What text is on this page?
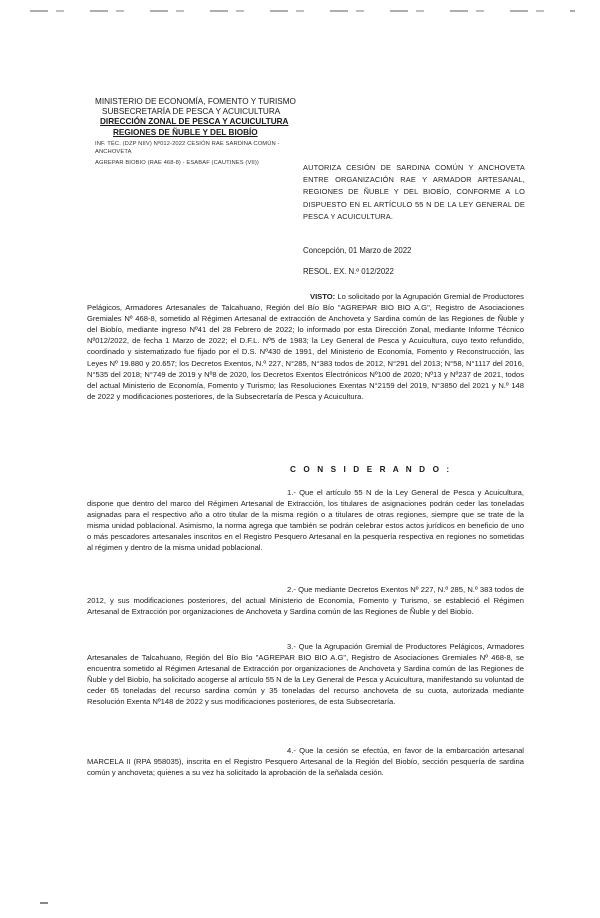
MINISTERIO DE ECONOMÍA, FOMENTO Y TURISMO
SUBSECRETARÍA DE PESCA Y ACUICULTURA
DIRECCIÓN ZONAL DE PESCA Y ACUICULTURA
REGIONES DE ÑUBLE Y DEL BIOBÍO
INF. TÉC. (DZP NIIV) Nº012-2022 CESIÓN RAE SARDINA COMÚN - ANCHOVETA
AGREPAR BIOBIO (RAE 468-8) - ESABAF (CAUTINES (VII))
AUTORIZA CESIÓN DE SARDINA COMÚN Y ANCHOVETA ENTRE ORGANIZACIÓN RAE Y ARMADOR ARTESANAL, REGIONES DE ÑUBLE Y DEL BIOBÍO, CONFORME A LO DISPUESTO EN EL ARTÍCULO 55 N DE LA LEY GENERAL DE PESCA Y ACUICULTURA.
Concepción, 01 Marzo de 2022
RESOL. EX. N.º 012/2022
VISTO: Lo solicitado por la Agrupación Gremial de Productores Pelágicos, Armadores Artesanales de Talcahuano, Región del Bío Bío "AGREPAR BIO BIO A.G", Registro de Asociaciones Gremiales Nº 468-8, sometido al Régimen Artesanal de extracción de Anchoveta y Sardina común de las Regiones de Ñuble y del Biobío, mediante ingreso Nº41 del 28 Febrero de 2022; lo informado por esta Dirección Zonal, mediante Informe Técnico Nº012/2022, de fecha 1 Marzo de 2022; el D.F.L. Nº5 de 1983; la Ley General de Pesca y Acuicultura, cuyo texto refundido, coordinado y sistematizado fue fijado por el D.S. Nº430 de 1991, del Ministerio de Economía, Fomento y Reconstrucción, las Leyes Nº 19.880 y 20.657; los Decretos Exentos, N.º 227, N°285, N°383 todos de 2012, N°291 del 2013; N°58, N°1117 del 2016, N°535 del 2018; N°749 de 2019 y Nº8 de 2020, los Decretos Exentos Electrónicos Nº100 de 2020; Nº13 y Nº237 de 2021, todos del actual Ministerio de Economía, Fomento y Turismo; las Resoluciones Exentas N°2159 del 2019, N°3850 del 2021 y N.º 148 de 2022 y modificaciones posteriores, de la Subsecretaría de Pesca y Acuicultura.
C O N S I D E R A N D O :
1.- Que el artículo 55 N de la Ley General de Pesca y Acuicultura, dispone que dentro del marco del Régimen Artesanal de Extracción, los titulares de asignaciones podrán ceder las toneladas asignadas para el respectivo año a otro titular de la misma región o a titulares de otras regiones, siempre que se trate de la misma unidad poblacional. Asimismo, la norma agrega que también se podrán celebrar estos actos jurídicos en beneficio de uno o más pescadores artesanales inscritos en el Registro Pesquero Artesanal en la pesquería respectiva en regiones no sometidas al régimen y dentro de la misma unidad poblacional.
2.- Que mediante Decretos Exentos Nº 227, N.º 285, N.º 383 todos de 2012, y sus modificaciones posteriores, del actual Ministerio de Economía, Fomento y Turismo, se estableció el Régimen Artesanal de Extracción por organizaciones de Anchoveta y Sardina común de las Regiones de Ñuble y del Biobío.
3.- Que la Agrupación Gremial de Productores Pelágicos, Armadores Artesanales de Talcahuano, Región del Bío Bío "AGREPAR BIO BIO A.G", Registro de Asociaciones Gremiales Nº 468-8, se encuentra sometido al Régimen Artesanal de Extracción por organizaciones de Anchoveta y Sardina común de las Regiones de Ñuble y del Biobío, ha solicitado acogerse al artículo 55 N de la Ley General de Pesca y Acuicultura, manifestando su voluntad de ceder 65 toneladas del recurso sardina común y 35 toneladas del recurso anchoveta de su cuota, autorizada mediante Resolución Exenta Nº148 de 2022 y sus modificaciones posteriores, de esta Subsecretaría.
4.- Que la cesión se efectúa, en favor de la embarcación artesanal MARCELA II (RPA 958035), inscrita en el Registro Pesquero Artesanal de la Región del Biobío, sección pesquería de sardina común y anchoveta; quienes a su vez ha solicitado la aprobación de la señalada cesión.
